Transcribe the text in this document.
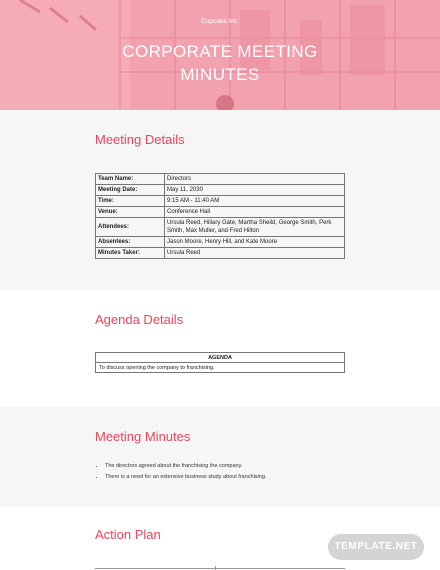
Cupcake Inc.
CORPORATE MEETING MINUTES
Meeting Details
Team Name:	Directors
Meeting Date:	May 11, 2030
Time:	9:15 AM - 11:40 AM
Venue:	Conference Hall
Attendees:	Ursula Reed, Hillary Gate, Martha Sheild, George Smith, Perk Smith, Max Muller, and Fred Hilton
Absentees:	Jason Moore, Henry Hill, and Kate Moore
Minutes Taker:	Ursula Reed
Agenda Details
AGENDA
To discuss opening the company to franchising.
Meeting Minutes
• The directors agreed about the franchising the company.
• There is a need for an extensive business study about franchising.
Action Plan
TEMPLATE.NET
